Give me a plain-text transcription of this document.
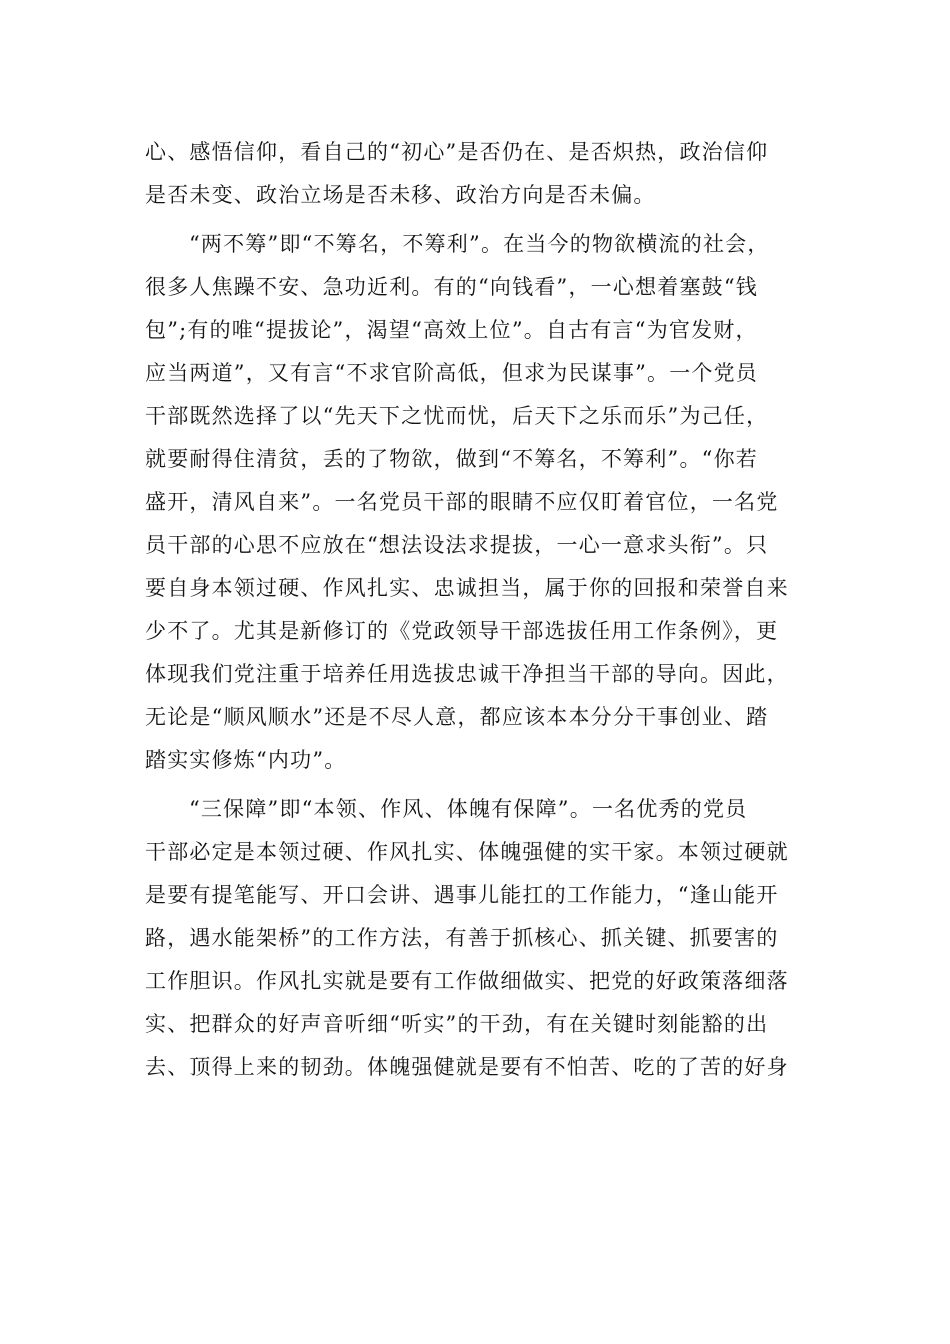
心、感悟信仰，看自己的“初心”是否仍在、是否炽热，政治信仰
是否未变、政治立场是否未移、政治方向是否未偏。
“两不筹”即“不筹名，不筹利”。在当今的物欲横流的社会，
很多人焦躁不安、急功近利。有的“向钱看”，一心想着塞鼓“钱
包”;有的唯“提拔论”，渴望“高效上位”。自古有言“为官发财，
应当两道”，又有言“不求官阶高低，但求为民谋事”。一个党员
干部既然选择了以“先天下之忧而忧，后天下之乐而乐”为己任，
就要耐得住清贫，丢的了物欲，做到“不筹名，不筹利”。“你若
盛开，清风自来”。一名党员干部的眼睛不应仅盯着官位，一名党
员干部的心思不应放在“想法设法求提拔，一心一意求头衔”。只
要自身本领过硬、作风扎实、忠诚担当，属于你的回报和荣誉自来
少不了。尤其是新修订的《党政领导干部选拔任用工作条例》，更
体现我们党注重于培养任用选拔忠诚干净担当干部的导向。因此，
无论是“顺风顺水”还是不尽人意，都应该本本分分干事创业、踏
踏实实修炼“内功”。
“三保障”即“本领、作风、体魄有保障”。一名优秀的党员
干部必定是本领过硬、作风扎实、体魄强健的实干家。本领过硬就
是要有提笔能写、开口会讲、遇事儿能扛的工作能力，“逢山能开
路，遇水能架桥”的工作方法，有善于抓核心、抓关键、抓要害的
工作胆识。作风扎实就是要有工作做细做实、把党的好政策落细落
实、把群众的好声音听细“听实”的干劲，有在关键时刻能豁的出
去、顶得上来的韧劲。体魄强健就是要有不怕苦、吃的了苦的好身
